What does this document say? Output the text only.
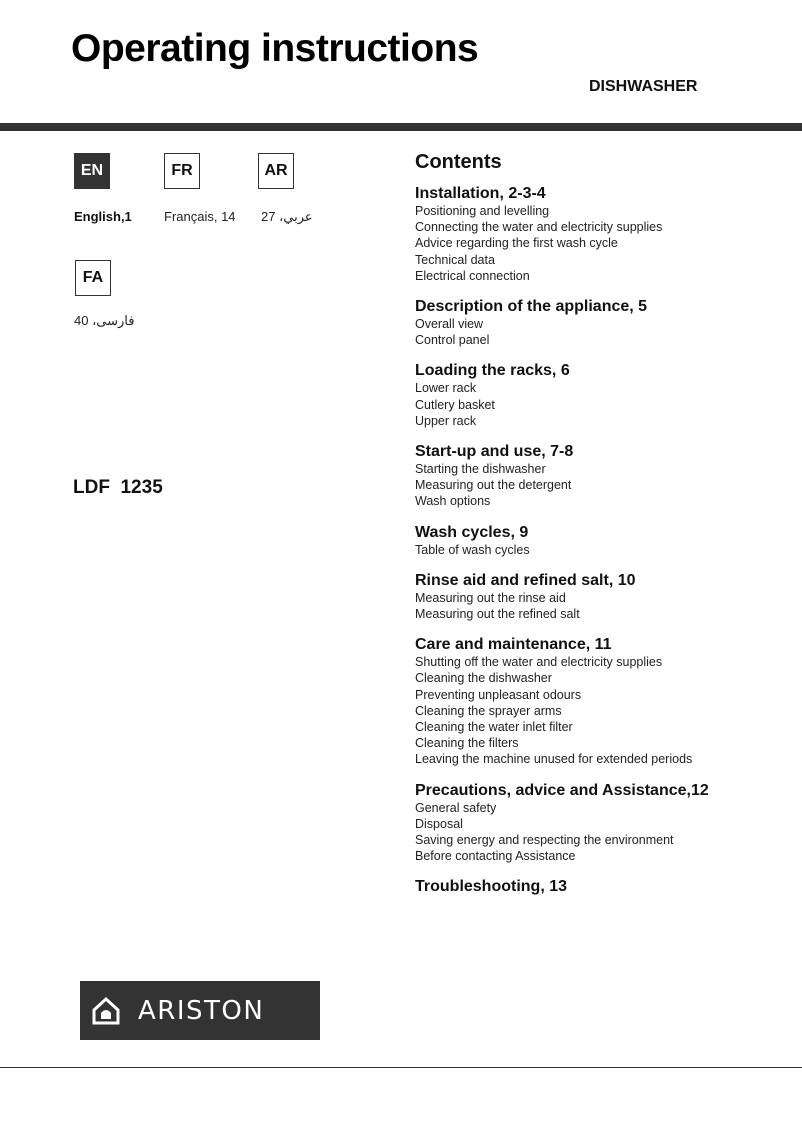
Operating instructions
DISHWASHER
EN	FR	AR
FA
English,1 Français, 14 عربي، 27
فارسی، 40
LDF  1235
Contents
Installation, 2-3-4
Positioning and levelling
Connecting the water and electricity supplies
Advice regarding the first wash cycle
Technical data
Electrical connection
Description of the appliance, 5
Overall view
Control panel
Loading the racks, 6
Lower rack
Cutlery basket
Upper rack
Start-up and use, 7-8
Starting the dishwasher
Measuring out the detergent
Wash options
Wash cycles, 9
Table of wash cycles
Rinse aid and refined salt, 10
Measuring out the rinse aid
Measuring out the refined salt
Care and maintenance, 11
Shutting off the water and electricity supplies
Cleaning the dishwasher
Preventing unpleasant odours
Cleaning the sprayer arms
Cleaning the water inlet filter
Cleaning the filters
Leaving the machine unused for extended periods
Precautions, advice and Assistance,12
General safety
Disposal
Saving energy and respecting the environment
Before contacting Assistance
Troubleshooting, 13
ARISTON
